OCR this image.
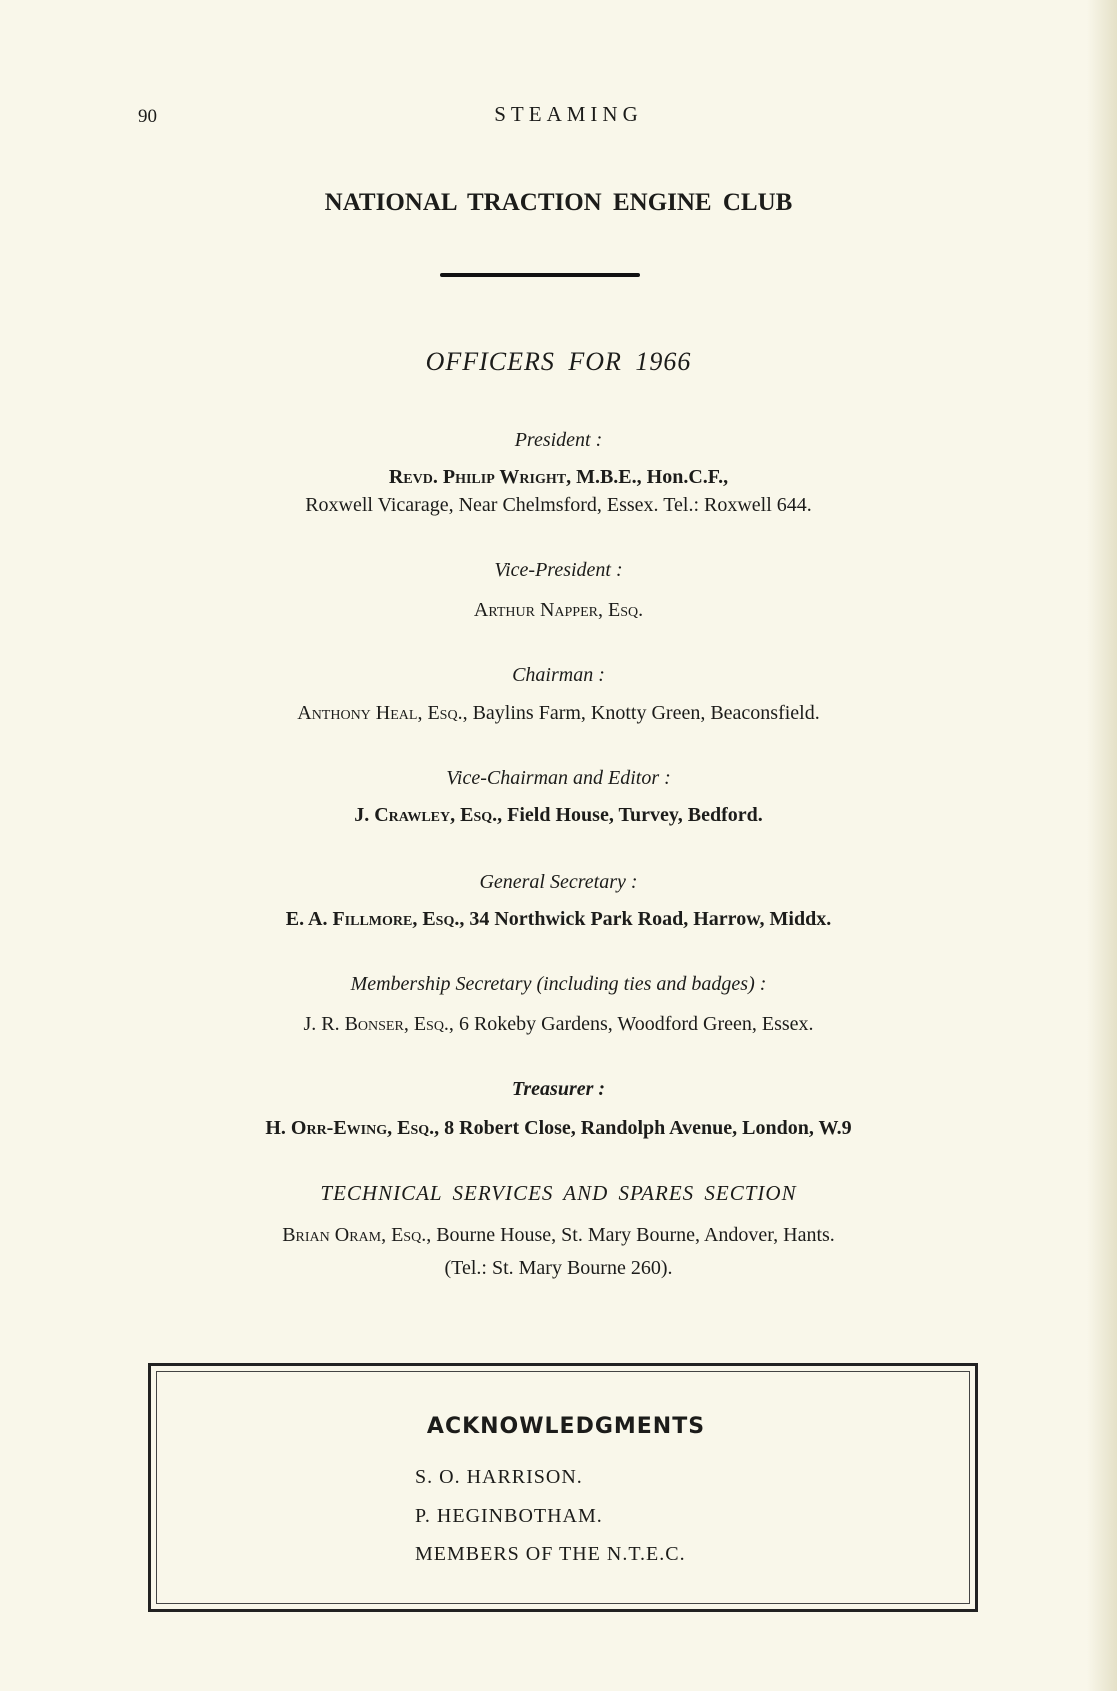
90	STEAMING
NATIONAL TRACTION ENGINE CLUB
OFFICERS FOR 1966
President :
Revd. Philip Wright, M.B.E., Hon.C.F.,
Roxwell Vicarage, Near Chelmsford, Essex. Tel.: Roxwell 644.
Vice-President :
Arthur Napper, Esq.
Chairman :
Anthony Heal, Esq., Baylins Farm, Knotty Green, Beaconsfield.
Vice-Chairman and Editor :
J. Crawley, Esq., Field House, Turvey, Bedford.
General Secretary :
E. A. Fillmore, Esq., 34 Northwick Park Road, Harrow, Middx.
Membership Secretary (including ties and badges) :
J. R. Bonser, Esq., 6 Rokeby Gardens, Woodford Green, Essex.
Treasurer :
H. Orr-Ewing, Esq., 8 Robert Close, Randolph Avenue, London, W.9
TECHNICAL SERVICES AND SPARES SECTION
Brian Oram, Esq., Bourne House, St. Mary Bourne, Andover, Hants.
(Tel.: St. Mary Bourne 260).
ACKNOWLEDGMENTS
S. O. HARRISON.
P. HEGINBOTHAM.
MEMBERS OF THE N.T.E.C.
